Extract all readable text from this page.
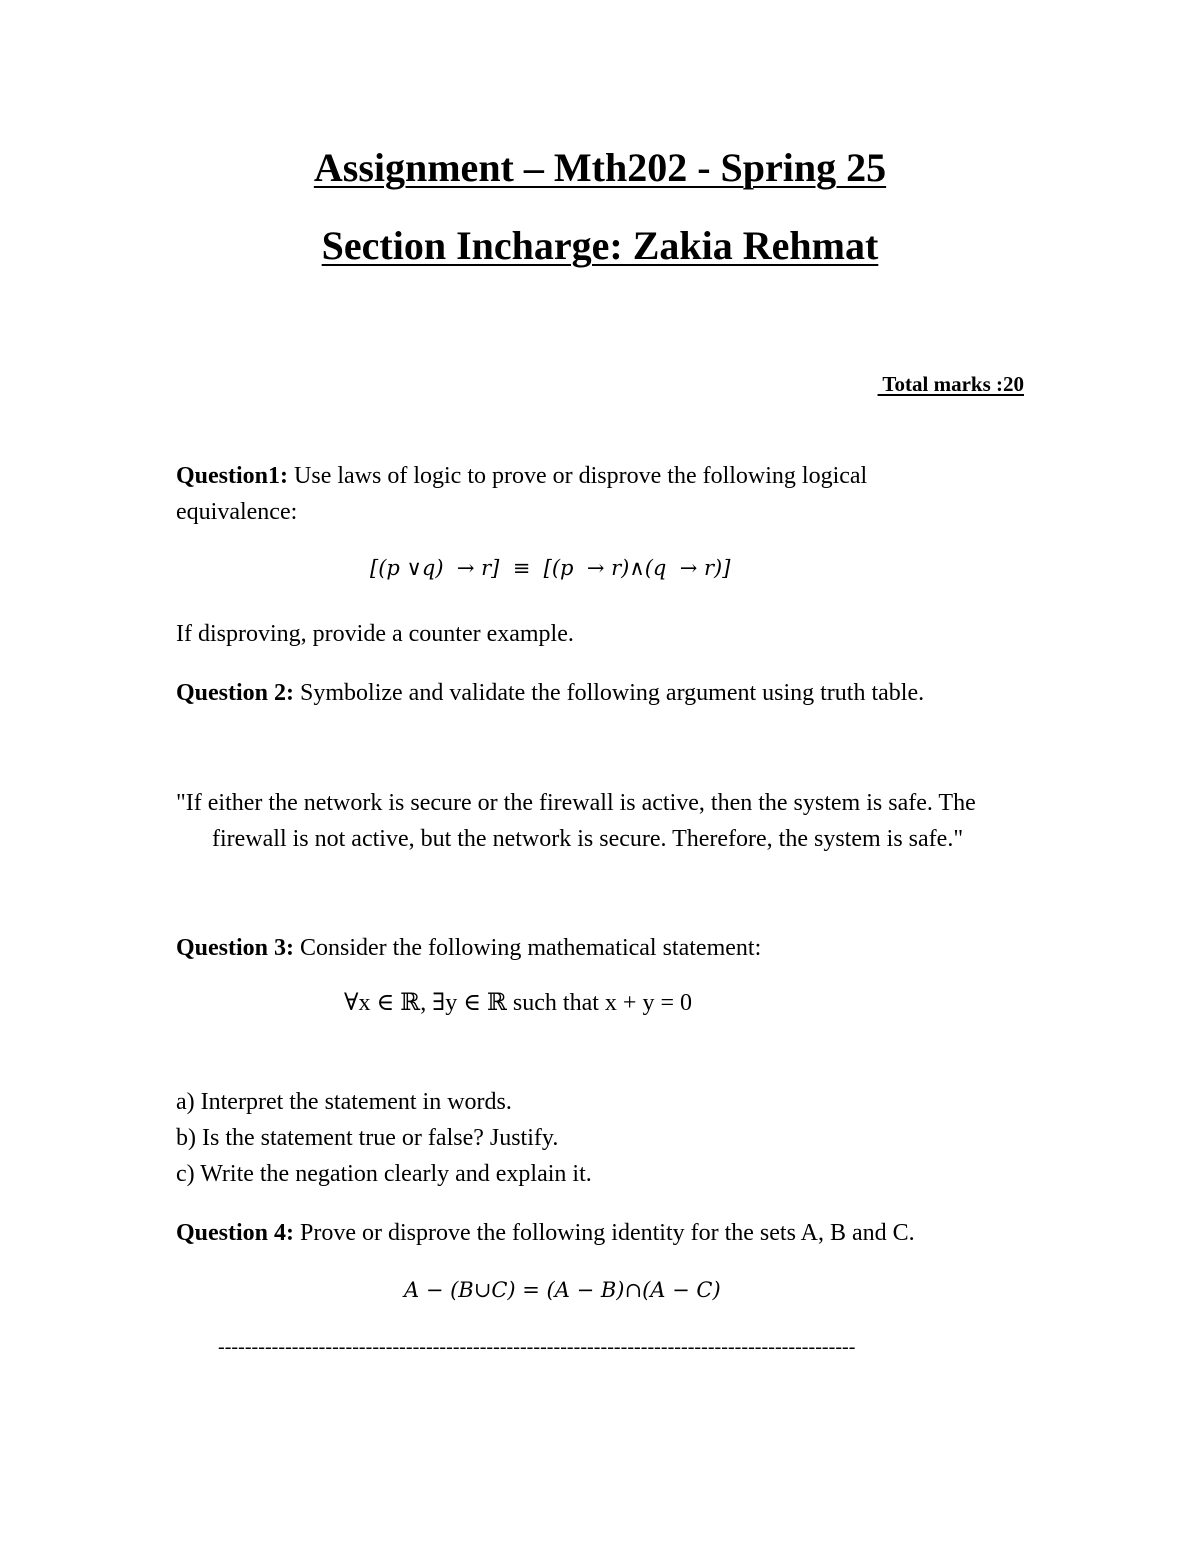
Assignment – Mth202 - Spring 25
Section Incharge: Zakia Rehmat
Total marks :20
Question1: Use laws of logic to prove or disprove the following logical
equivalence:
[(p ∨q)  → r]  ≡  [(p  → r)∧(q  → r)]
If disproving, provide a counter example.
Question 2: Symbolize and validate the following argument using truth table.
"If either the network is secure or the firewall is active, then the system is safe. The firewall is not active, but the network is secure. Therefore, the system is safe."
Question 3: Consider the following mathematical statement:
∀x ∈ ℝ, ∃y ∈ ℝ such that x + y = 0
a) Interpret the statement in words.
b) Is the statement true or false? Justify.
c) Write the negation clearly and explain it.
Question 4: Prove or disprove the following identity for the sets A, B and C.
A − (B∪C) = (A − B)∩(A − C)
-----------------------------------------------------------------------------------------------
